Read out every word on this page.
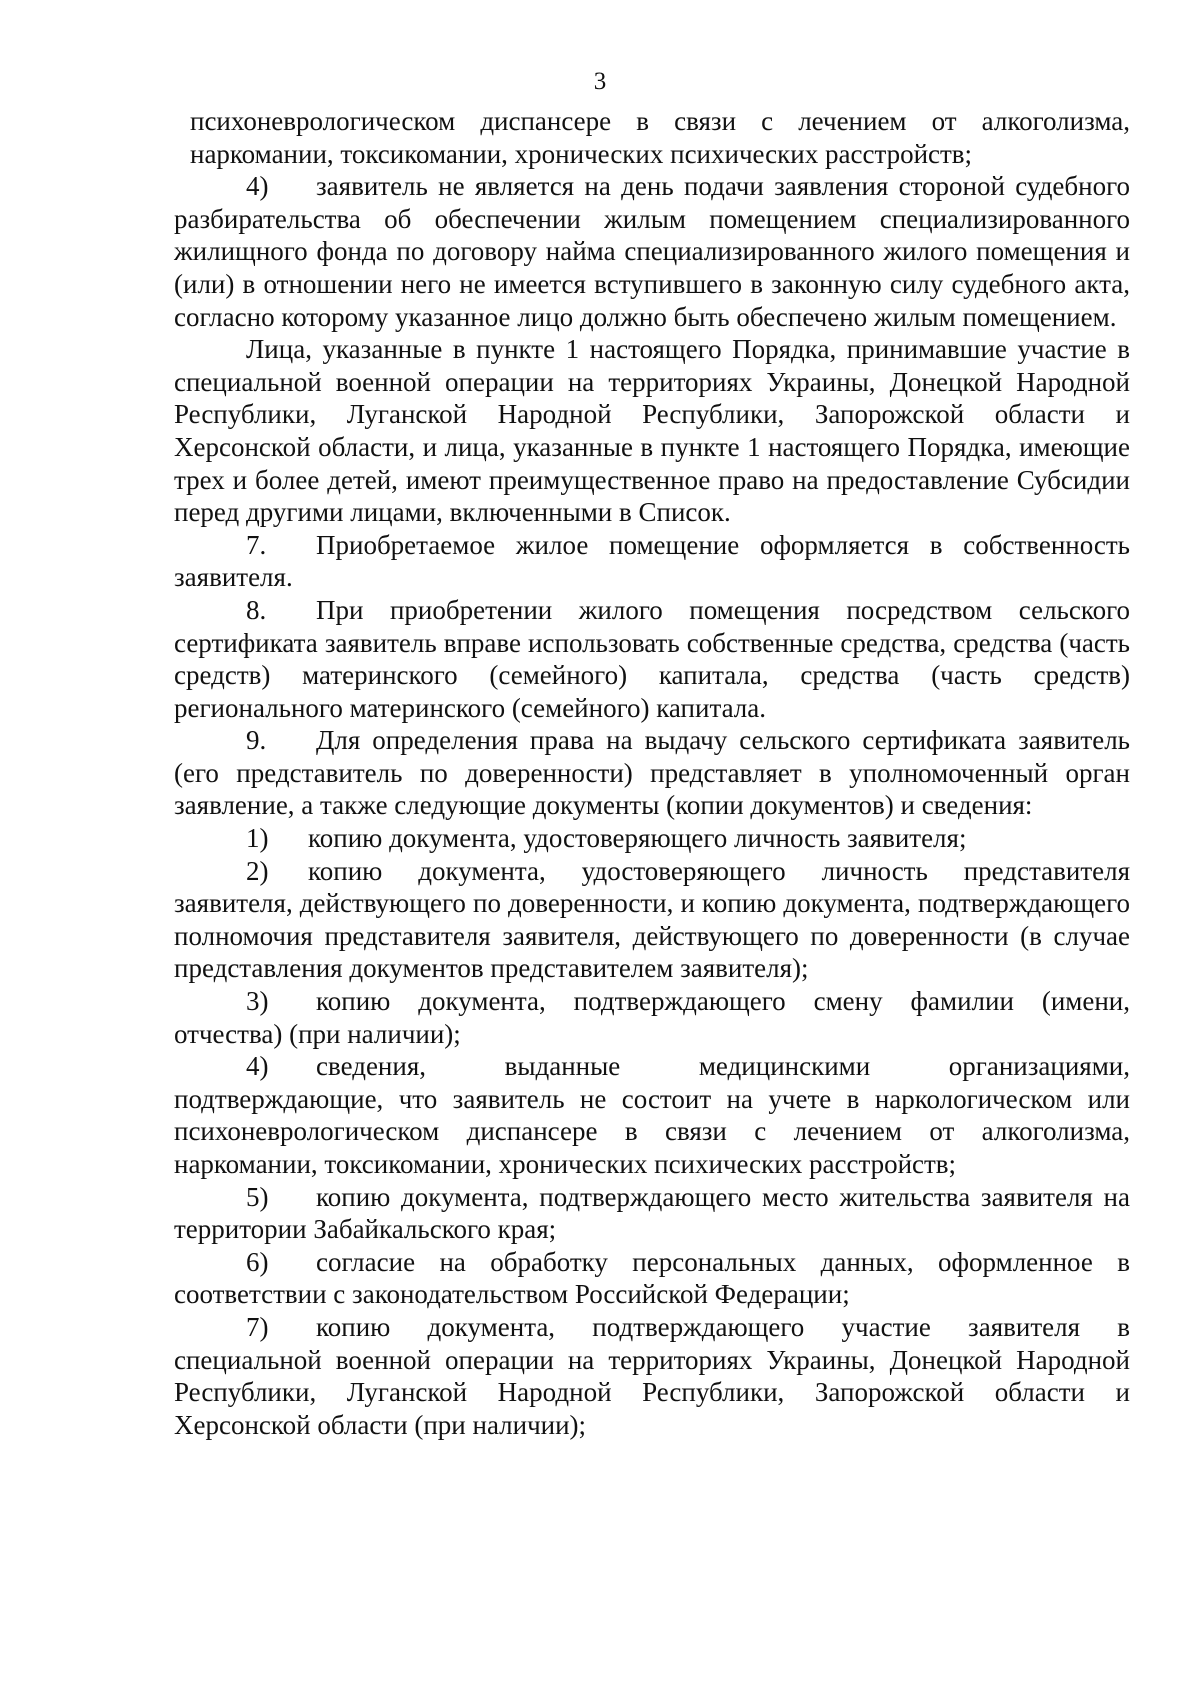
3

психоневрологическом диспансере в связи с лечением от алкоголизма, наркомании, токсикомании, хронических психических расстройств;

4) заявитель не является на день подачи заявления стороной судебного разбирательства об обеспечении жилым помещением специализированного жилищного фонда по договору найма специализированного жилого помещения и (или) в отношении него не имеется вступившего в законную силу судебного акта, согласно которому указанное лицо должно быть обеспечено жилым помещением.

Лица, указанные в пункте 1 настоящего Порядка, принимавшие участие в специальной военной операции на территориях Украины, Донецкой Народной Республики, Луганской Народной Республики, Запорожской области и Херсонской области, и лица, указанные в пункте 1 настоящего Порядка, имеющие трех и более детей, имеют преимущественное право на предоставление Субсидии перед другими лицами, включенными в Список.

7. Приобретаемое жилое помещение оформляется в собственность заявителя.

8. При приобретении жилого помещения посредством сельского сертификата заявитель вправе использовать собственные средства, средства (часть средств) материнского (семейного) капитала, средства (часть средств) регионального материнского (семейного) капитала.

9. Для определения права на выдачу сельского сертификата заявитель (его представитель по доверенности) представляет в уполномоченный орган заявление, а также следующие документы (копии документов) и сведения:

1) копию документа, удостоверяющего личность заявителя;

2) копию документа, удостоверяющего личность представителя заявителя, действующего по доверенности, и копию документа, подтверждающего полномочия представителя заявителя, действующего по доверенности (в случае представления документов представителем заявителя);

3) копию документа, подтверждающего смену фамилии (имени, отчества) (при наличии);

4) сведения, выданные медицинскими организациями, подтверждающие, что заявитель не состоит на учете в наркологическом или психоневрологическом диспансере в связи с лечением от алкоголизма, наркомании, токсикомании, хронических психических расстройств;

5) копию документа, подтверждающего место жительства заявителя на территории Забайкальского края;

6) согласие на обработку персональных данных, оформленное в соответствии с законодательством Российской Федерации;

7) копию документа, подтверждающего участие заявителя в специальной военной операции на территориях Украины, Донецкой Народной Республики, Луганской Народной Республики, Запорожской области и Херсонской области (при наличии);
